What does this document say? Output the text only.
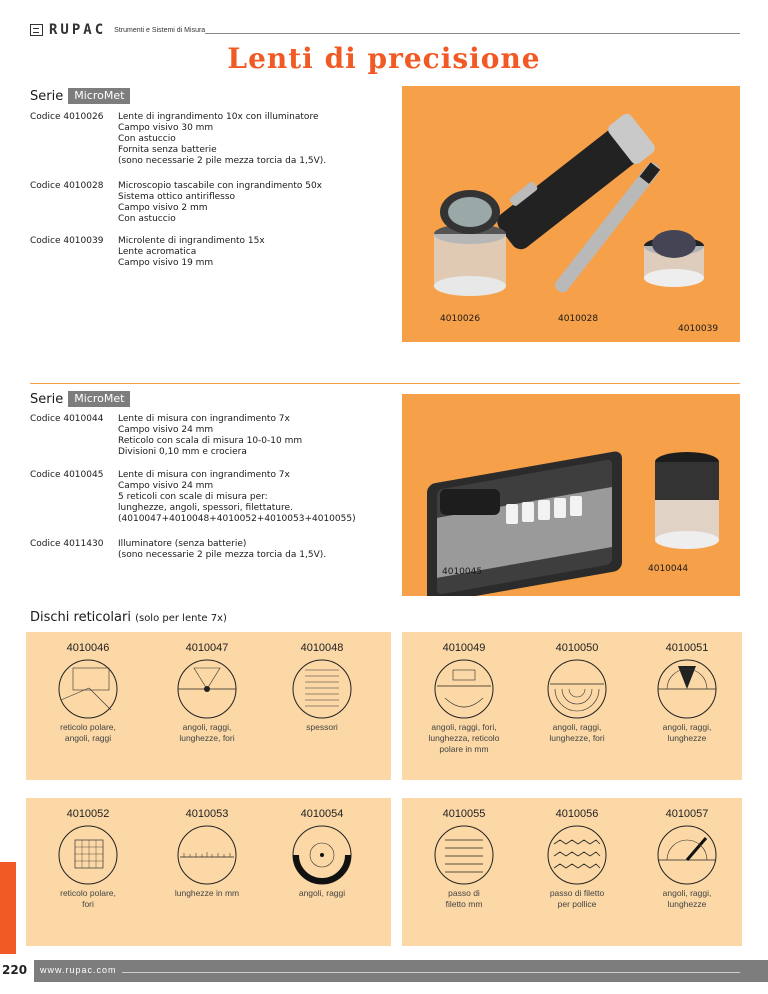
RUPAC Strumenti e Sistemi di Misura
Lenti di precisione
Serie	MicroMet
Codice 4010026	Lente di ingrandimento 10x con illuminatore
Campo visivo 30 mm
Con astuccio
Fornita senza batterie
(sono necessarie 2 pile mezza torcia da 1,5V).
Codice 4010028	Microscopio tascabile con ingrandimento 50x
Sistema ottico antiriflesso
Campo visivo 2 mm
Con astuccio
Codice 4010039	Microlente di ingrandimento 15x
Lente acromatica
Campo visivo 19 mm
4010026	4010028
4010039
Serie	MicroMet
Codice 4010044	Lente di misura con ingrandimento 7x
Campo visivo 24 mm
Reticolo con scala di misura 10-0-10 mm
Divisioni 0,10 mm e crociera
Codice 4010045	Lente di misura con ingrandimento 7x
Campo visivo 24 mm
5 reticoli con scale di misura per:
lunghezze, angoli, spessori, filettature.
(4010047+4010048+4010052+4010053+4010055)
Codice 4011430	Illuminatore (senza batterie)
(sono necessarie 2 pile mezza torcia da 1,5V).
4010045	4010044
Dischi reticolari (solo per lente 7x)
4010046
reticolo polare,
angoli, raggi
4010047
angoli, raggi,
lunghezze, fori
4010048
spessori
4010049
angoli, raggi, fori,
lunghezza, reticolo
polare in mm
4010050
angoli, raggi,
lunghezze, fori
4010051
angoli, raggi,
lunghezze
4010052
reticolo polare,
fori
4010053
lunghezze in mm
4010054
angoli, raggi
4010055
passo di
filetto mm
4010056
passo di filetto
per pollice
4010057
angoli, raggi,
lunghezze
220 www.rupac.com
